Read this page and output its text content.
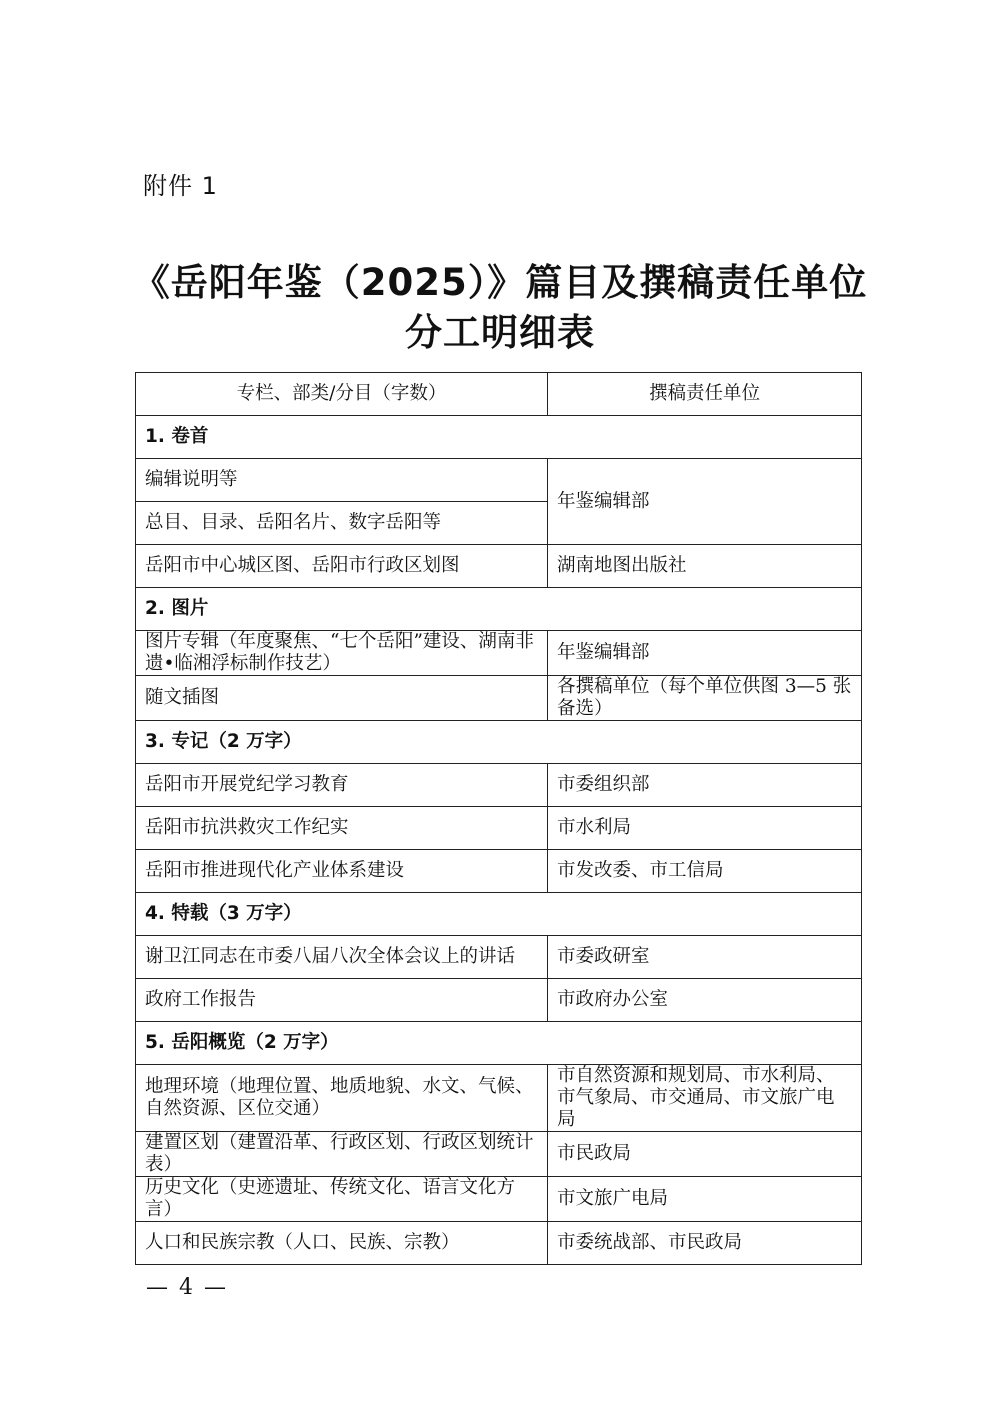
附件 1
《岳阳年鉴（2025）》篇目及撰稿责任单位
分工明细表
专栏、部类/分目（字数）	撰稿责任单位
1. 卷首	
编辑说明等	年鉴编辑部
总目、目录、岳阳名片、数字岳阳等	
岳阳市中心城区图、岳阳市行政区划图	湖南地图出版社
2. 图片	
图片专辑（年度聚焦、“七个岳阳”建设、湖南非遗•临湘浮标制作技艺）	年鉴编辑部
随文插图	各撰稿单位（每个单位供图 3—5 张备选）
3. 专记（2 万字）	
岳阳市开展党纪学习教育	市委组织部
岳阳市抗洪救灾工作纪实	市水利局
岳阳市推进现代化产业体系建设	市发改委、市工信局
4. 特载（3 万字）	
谢卫江同志在市委八届八次全体会议上的讲话	市委政研室
政府工作报告	市政府办公室
5. 岳阳概览（2 万字）	
地理环境（地理位置、地质地貌、水文、气候、自然资源、区位交通）	市自然资源和规划局、市水利局、市气象局、市交通局、市文旅广电局
建置区划（建置沿革、行政区划、行政区划统计表）	市民政局
历史文化（史迹遗址、传统文化、语言文化方言）	市文旅广电局
人口和民族宗教（人口、民族、宗教）	市委统战部、市民政局
— 4 —
